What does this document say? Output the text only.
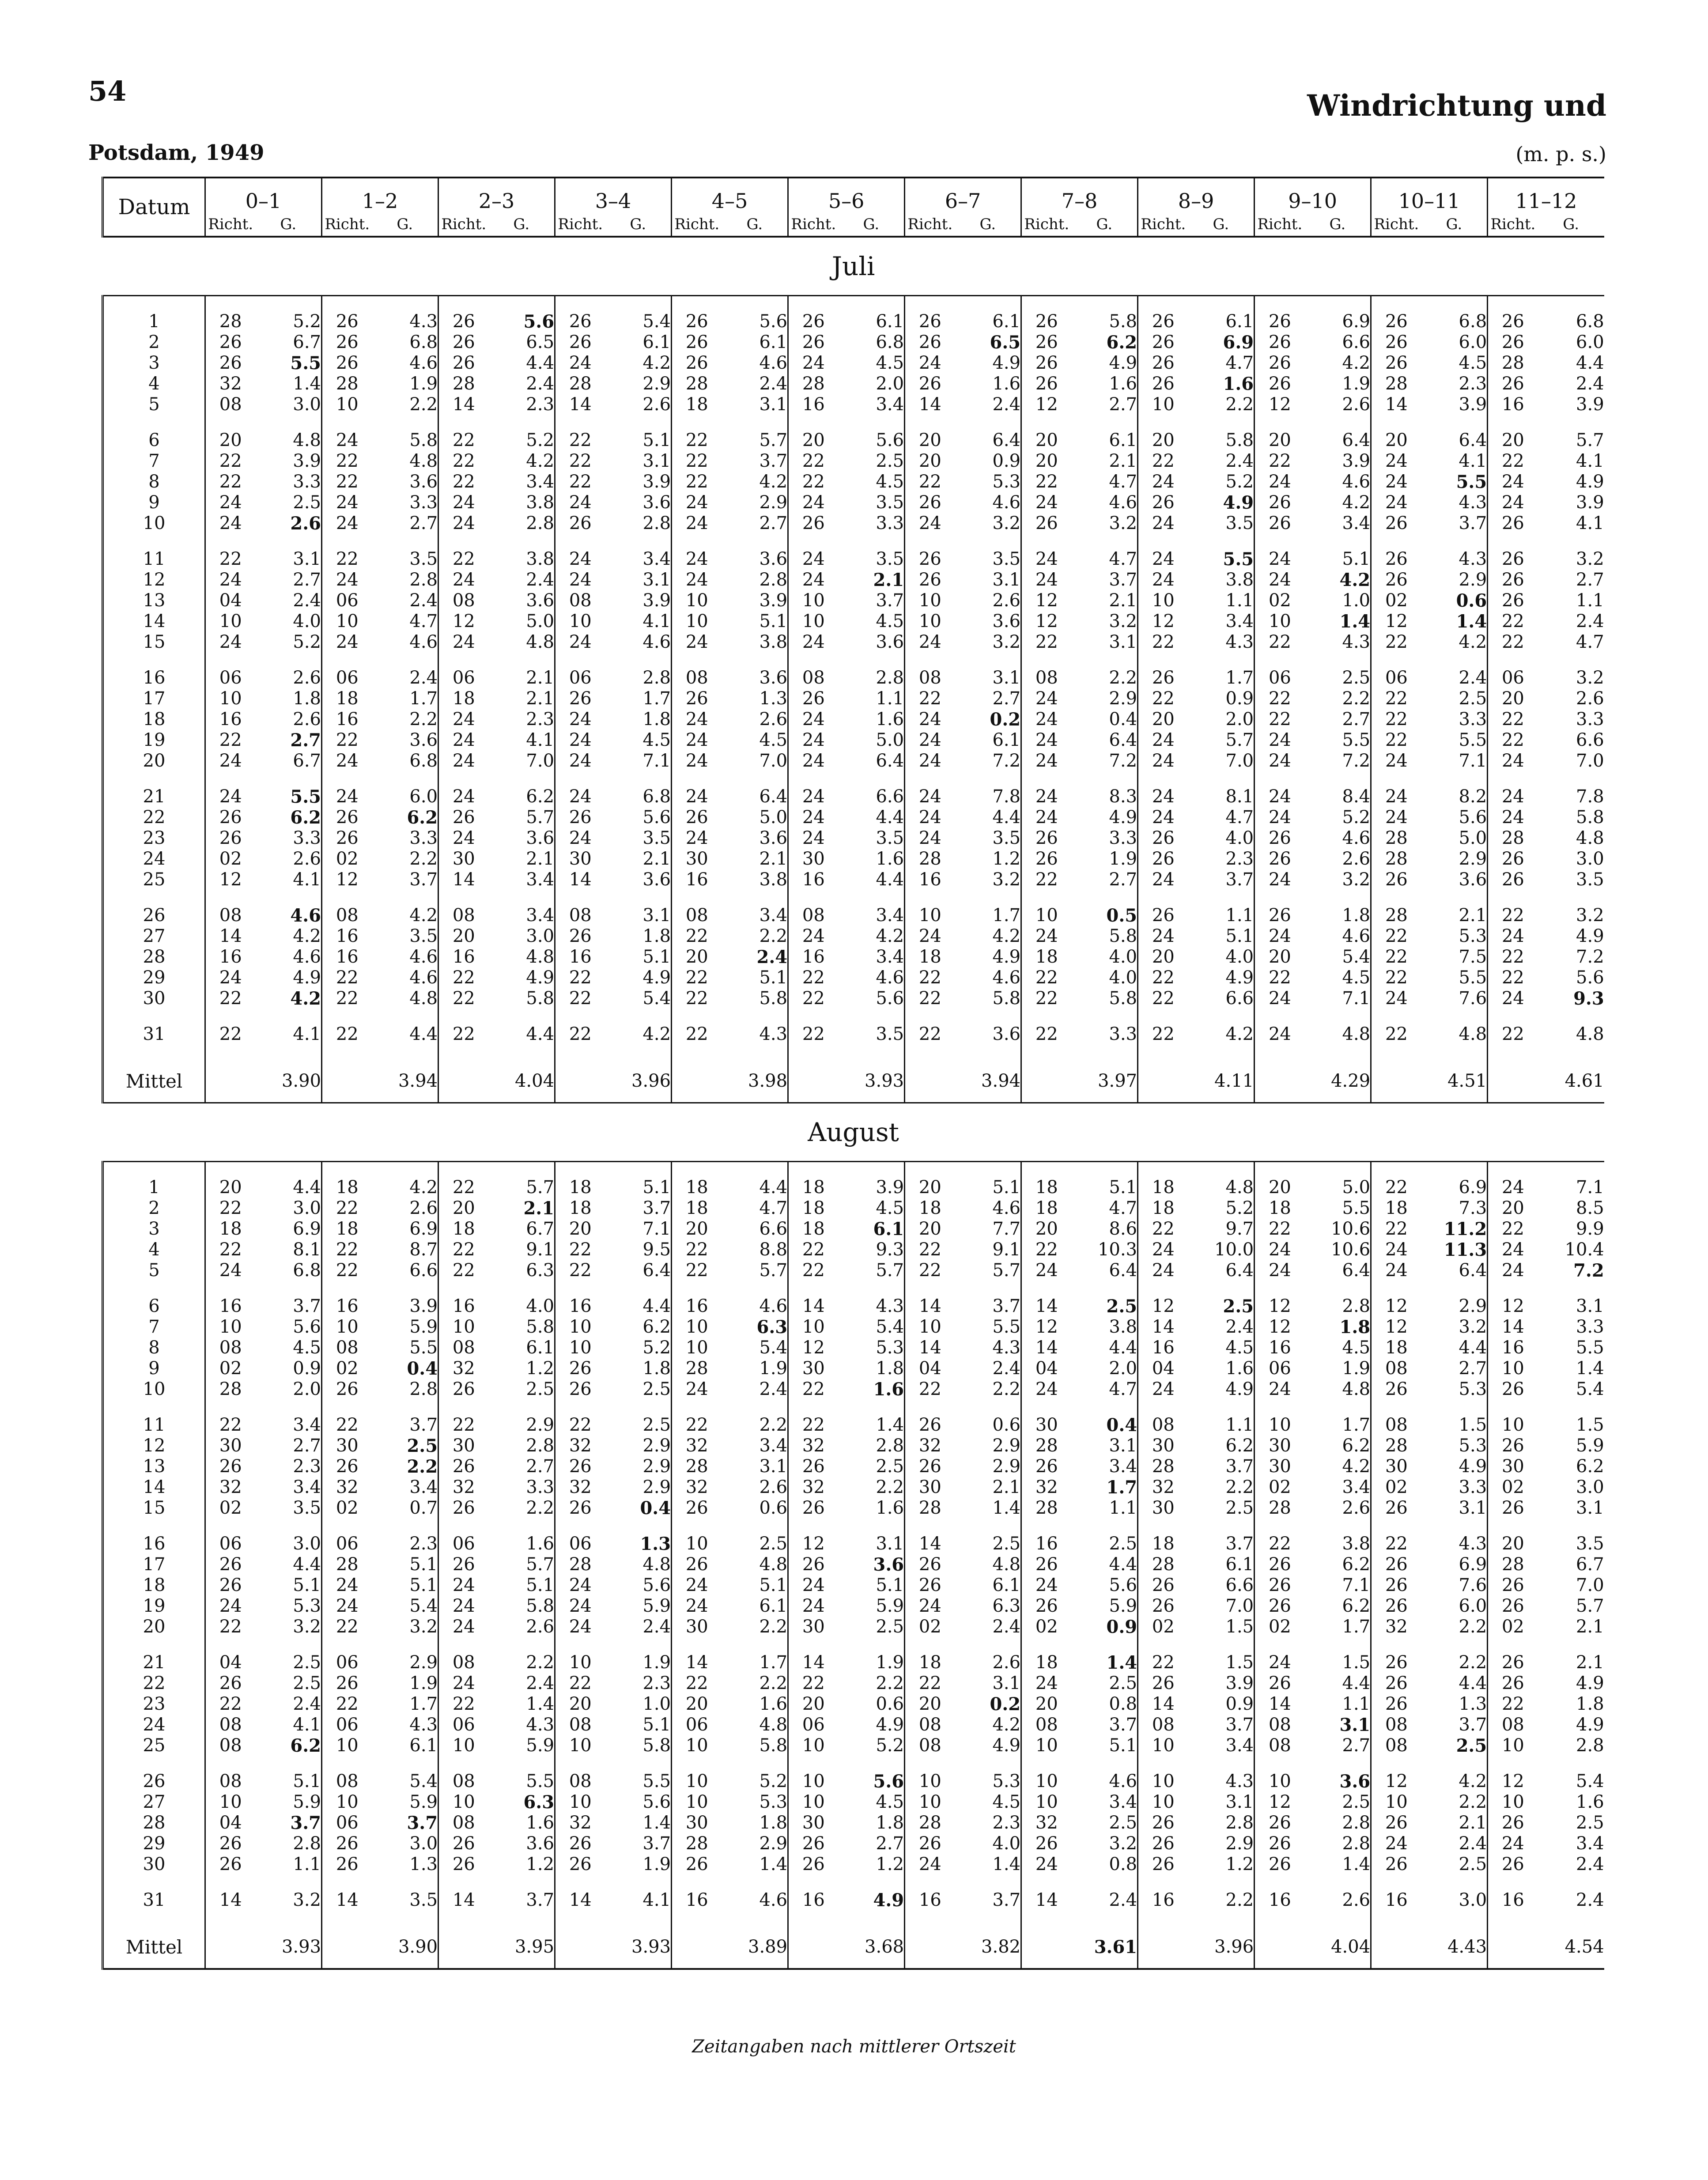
54	Windrichtung und
Potsdam, 1949	(m. p. s.)
Datum	0–1		1–2		2–3		3–4		4–5		5–6		6–7		7–8		8–9		9–10		10–11		11–12	
	Richt.	G.	Richt.	G.	Richt.	G.	Richt.	G.	Richt.	G.	Richt.	G.	Richt.	G.	Richt.	G.	Richt.	G.	Richt.	G.	Richt.	G.	Richt.	G.
Juli																								

1	28	5.2	26	4.3	26	5.6	26	5.4	26	5.6	26	6.1	26	6.1	26	5.8	26	6.1	26	6.9	26	6.8	26	6.8
2	26	6.7	26	6.8	26	6.5	26	6.1	26	6.1	26	6.8	26	6.5	26	6.2	26	6.9	26	6.6	26	6.0	26	6.0
3	26	5.5	26	4.6	26	4.4	24	4.2	26	4.6	24	4.5	24	4.9	26	4.9	26	4.7	26	4.2	26	4.5	28	4.4
4	32	1.4	28	1.9	28	2.4	28	2.9	28	2.4	28	2.0	26	1.6	26	1.6	26	1.6	26	1.9	28	2.3	26	2.4
5	08	3.0	10	2.2	14	2.3	14	2.6	18	3.1	16	3.4	14	2.4	12	2.7	10	2.2	12	2.6	14	3.9	16	3.9

6	20	4.8	24	5.8	22	5.2	22	5.1	22	5.7	20	5.6	20	6.4	20	6.1	20	5.8	20	6.4	20	6.4	20	5.7
7	22	3.9	22	4.8	22	4.2	22	3.1	22	3.7	22	2.5	20	0.9	20	2.1	22	2.4	22	3.9	24	4.1	22	4.1
8	22	3.3	22	3.6	22	3.4	22	3.9	22	4.2	22	4.5	22	5.3	22	4.7	24	5.2	24	4.6	24	5.5	24	4.9
9	24	2.5	24	3.3	24	3.8	24	3.6	24	2.9	24	3.5	26	4.6	24	4.6	26	4.9	26	4.2	24	4.3	24	3.9
10	24	2.6	24	2.7	24	2.8	26	2.8	24	2.7	26	3.3	24	3.2	26	3.2	24	3.5	26	3.4	26	3.7	26	4.1

11	22	3.1	22	3.5	22	3.8	24	3.4	24	3.6	24	3.5	26	3.5	24	4.7	24	5.5	24	5.1	26	4.3	26	3.2
12	24	2.7	24	2.8	24	2.4	24	3.1	24	2.8	24	2.1	26	3.1	24	3.7	24	3.8	24	4.2	26	2.9	26	2.7
13	04	2.4	06	2.4	08	3.6	08	3.9	10	3.9	10	3.7	10	2.6	12	2.1	10	1.1	02	1.0	02	0.6	26	1.1
14	10	4.0	10	4.7	12	5.0	10	4.1	10	5.1	10	4.5	10	3.6	12	3.2	12	3.4	10	1.4	12	1.4	22	2.4
15	24	5.2	24	4.6	24	4.8	24	4.6	24	3.8	24	3.6	24	3.2	22	3.1	22	4.3	22	4.3	22	4.2	22	4.7

16	06	2.6	06	2.4	06	2.1	06	2.8	08	3.6	08	2.8	08	3.1	08	2.2	26	1.7	06	2.5	06	2.4	06	3.2
17	10	1.8	18	1.7	18	2.1	26	1.7	26	1.3	26	1.1	22	2.7	24	2.9	22	0.9	22	2.2	22	2.5	20	2.6
18	16	2.6	16	2.2	24	2.3	24	1.8	24	2.6	24	1.6	24	0.2	24	0.4	20	2.0	22	2.7	22	3.3	22	3.3
19	22	2.7	22	3.6	24	4.1	24	4.5	24	4.5	24	5.0	24	6.1	24	6.4	24	5.7	24	5.5	22	5.5	22	6.6
20	24	6.7	24	6.8	24	7.0	24	7.1	24	7.0	24	6.4	24	7.2	24	7.2	24	7.0	24	7.2	24	7.1	24	7.0

21	24	5.5	24	6.0	24	6.2	24	6.8	24	6.4	24	6.6	24	7.8	24	8.3	24	8.1	24	8.4	24	8.2	24	7.8
22	26	6.2	26	6.2	26	5.7	26	5.6	26	5.0	24	4.4	24	4.4	24	4.9	24	4.7	24	5.2	24	5.6	24	5.8
23	26	3.3	26	3.3	24	3.6	24	3.5	24	3.6	24	3.5	24	3.5	26	3.3	26	4.0	26	4.6	28	5.0	28	4.8
24	02	2.6	02	2.2	30	2.1	30	2.1	30	2.1	30	1.6	28	1.2	26	1.9	26	2.3	26	2.6	28	2.9	26	3.0
25	12	4.1	12	3.7	14	3.4	14	3.6	16	3.8	16	4.4	16	3.2	22	2.7	24	3.7	24	3.2	26	3.6	26	3.5

26	08	4.6	08	4.2	08	3.4	08	3.1	08	3.4	08	3.4	10	1.7	10	0.5	26	1.1	26	1.8	28	2.1	22	3.2
27	14	4.2	16	3.5	20	3.0	26	1.8	22	2.2	24	4.2	24	4.2	24	5.8	24	5.1	24	4.6	22	5.3	24	4.9
28	16	4.6	16	4.6	16	4.8	16	5.1	20	2.4	16	3.4	18	4.9	18	4.0	20	4.0	20	5.4	22	7.5	22	7.2
29	24	4.9	22	4.6	22	4.9	22	4.9	22	5.1	22	4.6	22	4.6	22	4.0	22	4.9	22	4.5	22	5.5	22	5.6
30	22	4.2	22	4.8	22	5.8	22	5.4	22	5.8	22	5.6	22	5.8	22	5.8	22	6.6	24	7.1	24	7.6	24	9.3

31	22	4.1	22	4.4	22	4.4	22	4.2	22	4.3	22	3.5	22	3.6	22	3.3	22	4.2	24	4.8	22	4.8	22	4.8

Mittel		3.90		3.94		4.04		3.96		3.98		3.93		3.94		3.97		4.11		4.29		4.51		4.61
August																								

1	20	4.4	18	4.2	22	5.7	18	5.1	18	4.4	18	3.9	20	5.1	18	5.1	18	4.8	20	5.0	22	6.9	24	7.1
2	22	3.0	22	2.6	20	2.1	18	3.7	18	4.7	18	4.5	18	4.6	18	4.7	18	5.2	18	5.5	18	7.3	20	8.5
3	18	6.9	18	6.9	18	6.7	20	7.1	20	6.6	18	6.1	20	7.7	20	8.6	22	9.7	22	10.6	22	11.2	22	9.9
4	22	8.1	22	8.7	22	9.1	22	9.5	22	8.8	22	9.3	22	9.1	22	10.3	24	10.0	24	10.6	24	11.3	24	10.4
5	24	6.8	22	6.6	22	6.3	22	6.4	22	5.7	22	5.7	22	5.7	24	6.4	24	6.4	24	6.4	24	6.4	24	7.2

6	16	3.7	16	3.9	16	4.0	16	4.4	16	4.6	14	4.3	14	3.7	14	2.5	12	2.5	12	2.8	12	2.9	12	3.1
7	10	5.6	10	5.9	10	5.8	10	6.2	10	6.3	10	5.4	10	5.5	12	3.8	14	2.4	12	1.8	12	3.2	14	3.3
8	08	4.5	08	5.5	08	6.1	10	5.2	10	5.4	12	5.3	14	4.3	14	4.4	16	4.5	16	4.5	18	4.4	16	5.5
9	02	0.9	02	0.4	32	1.2	26	1.8	28	1.9	30	1.8	04	2.4	04	2.0	04	1.6	06	1.9	08	2.7	10	1.4
10	28	2.0	26	2.8	26	2.5	26	2.5	24	2.4	22	1.6	22	2.2	24	4.7	24	4.9	24	4.8	26	5.3	26	5.4

11	22	3.4	22	3.7	22	2.9	22	2.5	22	2.2	22	1.4	26	0.6	30	0.4	08	1.1	10	1.7	08	1.5	10	1.5
12	30	2.7	30	2.5	30	2.8	32	2.9	32	3.4	32	2.8	32	2.9	28	3.1	30	6.2	30	6.2	28	5.3	26	5.9
13	26	2.3	26	2.2	26	2.7	26	2.9	28	3.1	26	2.5	26	2.9	26	3.4	28	3.7	30	4.2	30	4.9	30	6.2
14	32	3.4	32	3.4	32	3.3	32	2.9	32	2.6	32	2.2	30	2.1	32	1.7	32	2.2	02	3.4	02	3.3	02	3.0
15	02	3.5	02	0.7	26	2.2	26	0.4	26	0.6	26	1.6	28	1.4	28	1.1	30	2.5	28	2.6	26	3.1	26	3.1

16	06	3.0	06	2.3	06	1.6	06	1.3	10	2.5	12	3.1	14	2.5	16	2.5	18	3.7	22	3.8	22	4.3	20	3.5
17	26	4.4	28	5.1	26	5.7	28	4.8	26	4.8	26	3.6	26	4.8	26	4.4	28	6.1	26	6.2	26	6.9	28	6.7
18	26	5.1	24	5.1	24	5.1	24	5.6	24	5.1	24	5.1	26	6.1	24	5.6	26	6.6	26	7.1	26	7.6	26	7.0
19	24	5.3	24	5.4	24	5.8	24	5.9	24	6.1	24	5.9	24	6.3	26	5.9	26	7.0	26	6.2	26	6.0	26	5.7
20	22	3.2	22	3.2	24	2.6	24	2.4	30	2.2	30	2.5	02	2.4	02	0.9	02	1.5	02	1.7	32	2.2	02	2.1

21	04	2.5	06	2.9	08	2.2	10	1.9	14	1.7	14	1.9	18	2.6	18	1.4	22	1.5	24	1.5	26	2.2	26	2.1
22	26	2.5	26	1.9	24	2.4	22	2.3	22	2.2	22	2.2	22	3.1	24	2.5	26	3.9	26	4.4	26	4.4	26	4.9
23	22	2.4	22	1.7	22	1.4	20	1.0	20	1.6	20	0.6	20	0.2	20	0.8	14	0.9	14	1.1	26	1.3	22	1.8
24	08	4.1	06	4.3	06	4.3	08	5.1	06	4.8	06	4.9	08	4.2	08	3.7	08	3.7	08	3.1	08	3.7	08	4.9
25	08	6.2	10	6.1	10	5.9	10	5.8	10	5.8	10	5.2	08	4.9	10	5.1	10	3.4	08	2.7	08	2.5	10	2.8

26	08	5.1	08	5.4	08	5.5	08	5.5	10	5.2	10	5.6	10	5.3	10	4.6	10	4.3	10	3.6	12	4.2	12	5.4
27	10	5.9	10	5.9	10	6.3	10	5.6	10	5.3	10	4.5	10	4.5	10	3.4	10	3.1	12	2.5	10	2.2	10	1.6
28	04	3.7	06	3.7	08	1.6	32	1.4	30	1.8	30	1.8	28	2.3	32	2.5	26	2.8	26	2.8	26	2.1	26	2.5
29	26	2.8	26	3.0	26	3.6	26	3.7	28	2.9	26	2.7	26	4.0	26	3.2	26	2.9	26	2.8	24	2.4	24	3.4
30	26	1.1	26	1.3	26	1.2	26	1.9	26	1.4	26	1.2	24	1.4	24	0.8	26	1.2	26	1.4	26	2.5	26	2.4

31	14	3.2	14	3.5	14	3.7	14	4.1	16	4.6	16	4.9	16	3.7	14	2.4	16	2.2	16	2.6	16	3.0	16	2.4

Mittel		3.93		3.90		3.95		3.93		3.89		3.68		3.82		3.61		3.96		4.04		4.43		4.54
Zeitangaben nach mittlerer Ortszeit
